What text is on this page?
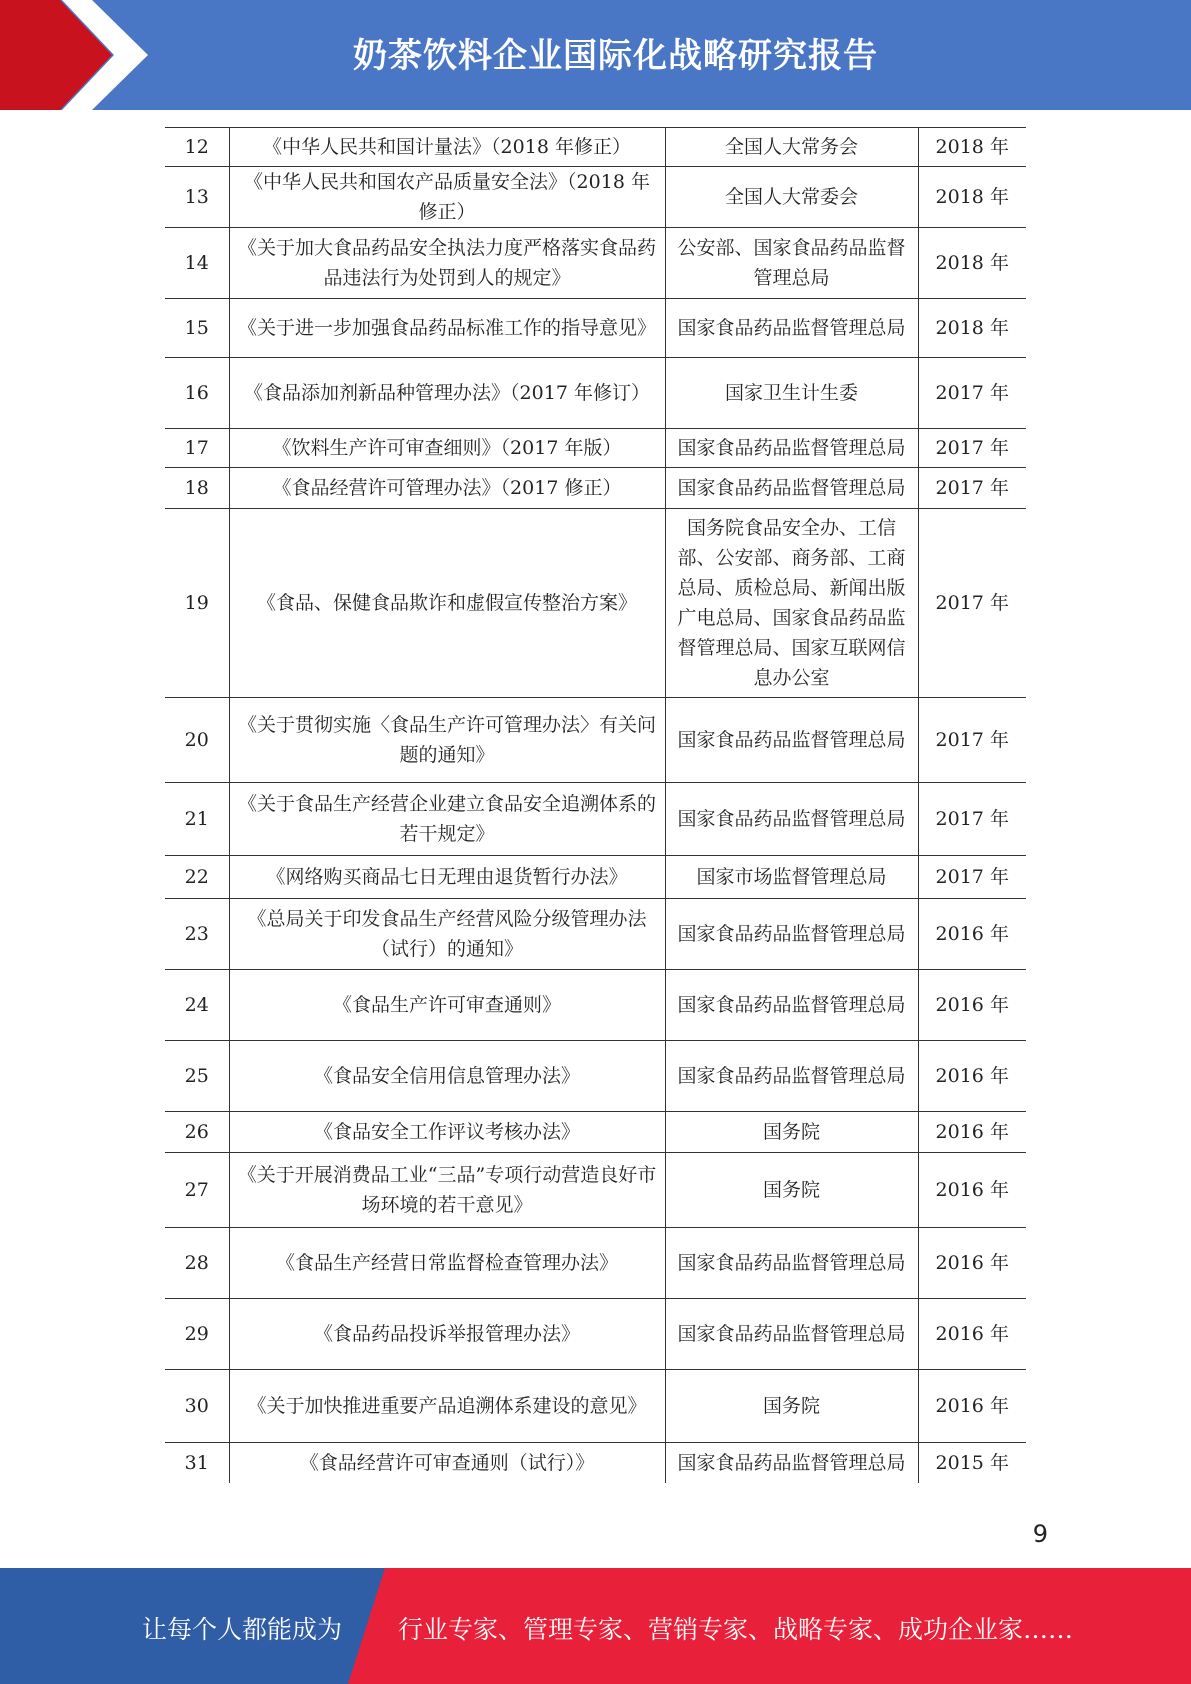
奶茶饮料企业国际化战略研究报告
12	《中华人民共和国计量法》（2018 年修正）	全国人大常务会	2018 年
13	《中华人民共和国农产品质量安全法》（2018 年修正）	全国人大常委会	2018 年
14	《关于加大食品药品安全执法力度严格落实食品药品违法行为处罚到人的规定》	公安部、国家食品药品监督管理总局	2018 年
15	《关于进一步加强食品药品标准工作的指导意见》	国家食品药品监督管理总局	2018 年
16	《食品添加剂新品种管理办法》（2017 年修订）	国家卫生计生委	2017 年
17	《饮料生产许可审查细则》（2017 年版）	国家食品药品监督管理总局	2017 年
18	《食品经营许可管理办法》（2017 修正）	国家食品药品监督管理总局	2017 年
19	《食品、保健食品欺诈和虚假宣传整治方案》	国务院食品安全办、工信部、公安部、商务部、工商总局、质检总局、新闻出版广电总局、国家食品药品监督管理总局、国家互联网信息办公室	2017 年
20	《关于贯彻实施〈食品生产许可管理办法〉有关问题的通知》	国家食品药品监督管理总局	2017 年
21	《关于食品生产经营企业建立食品安全追溯体系的若干规定》	国家食品药品监督管理总局	2017 年
22	《网络购买商品七日无理由退货暂行办法》	国家市场监督管理总局	2017 年
23	《总局关于印发食品生产经营风险分级管理办法（试行）的通知》	国家食品药品监督管理总局	2016 年
24	《食品生产许可审查通则》	国家食品药品监督管理总局	2016 年
25	《食品安全信用信息管理办法》	国家食品药品监督管理总局	2016 年
26	《食品安全工作评议考核办法》	国务院	2016 年
27	《关于开展消费品工业“三品”专项行动营造良好市场环境的若干意见》	国务院	2016 年
28	《食品生产经营日常监督检查管理办法》	国家食品药品监督管理总局	2016 年
29	《食品药品投诉举报管理办法》	国家食品药品监督管理总局	2016 年
30	《关于加快推进重要产品追溯体系建设的意见》	国务院	2016 年
31	《食品经营许可审查通则（试行）》	国家食品药品监督管理总局	2015 年
9
让每个人都能成为 行业专家、管理专家、营销专家、战略专家、成功企业家……
